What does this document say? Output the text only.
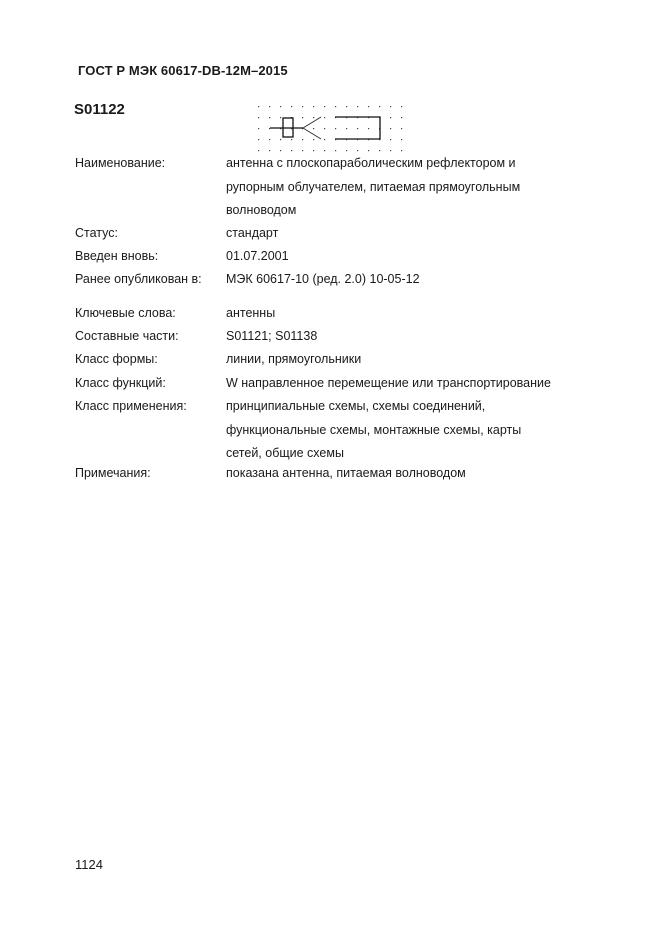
ГОСТ Р МЭК 60617-DB-12M–2015
S01122
Наименование:	антенна с плоскопараболическим рефлектором и
рупорным облучателем, питаемая прямоугольным
волноводом
Статус:	стандарт
Введен вновь:	01.07.2001
Ранее опубликован в: МЭК 60617-10 (ред. 2.0) 10-05-12
Ключевые слова:	антенны
Составные части:	S01121; S01138
Класс формы:	линии, прямоугольники
Класс функций:	W направленное перемещение или транспортирование
Класс применения:	принципиальные схемы, схемы соединений,
функциональные схемы, монтажные схемы, карты
сетей, общие схемы
Примечания:	показана антенна, питаемая волноводом
1124
